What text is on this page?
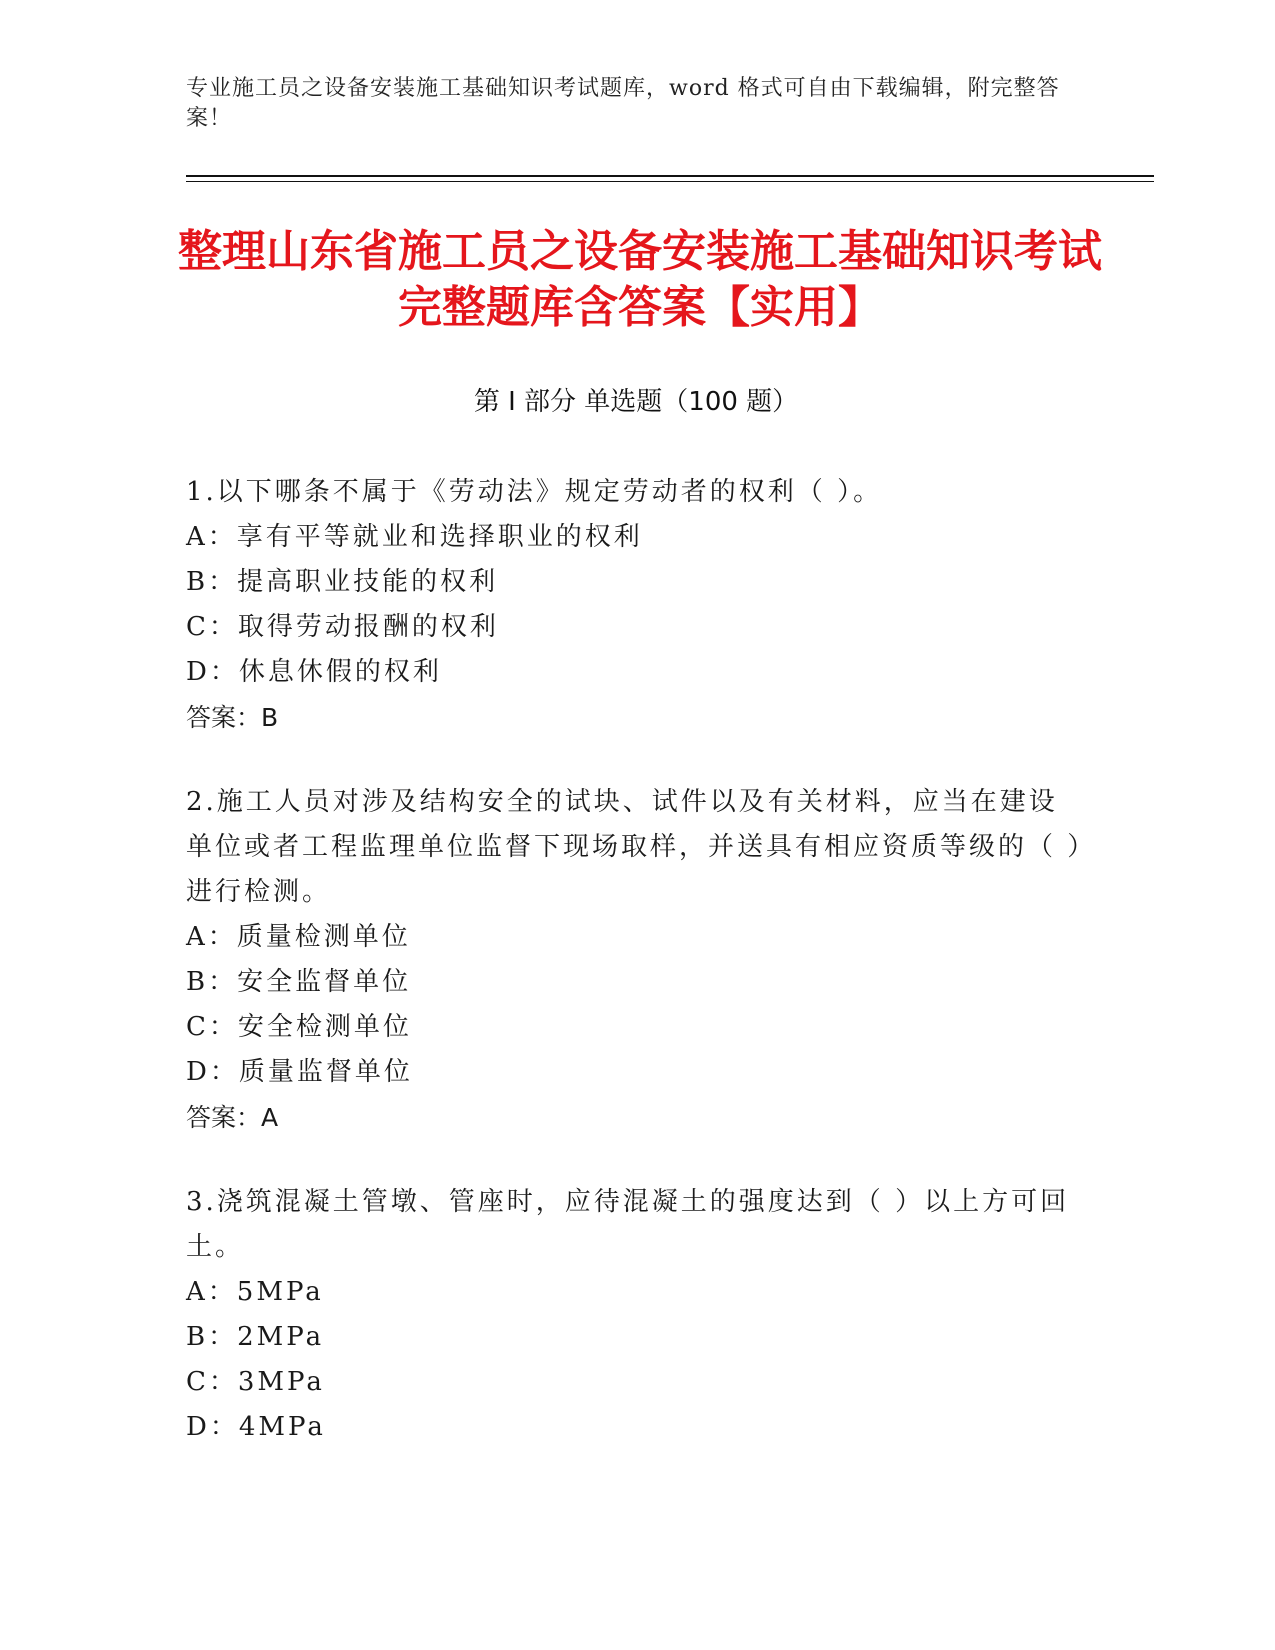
专业施工员之设备安装施工基础知识考试题库，word 格式可自由下载编辑，附完整答案！
整理山东省施工员之设备安装施工基础知识考试完整题库含答案【实用】
第 I 部分 单选题（100 题）

1.以下哪条不属于《劳动法》规定劳动者的权利（ ）。

A：享有平等就业和选择职业的权利

B：提高职业技能的权利

C：取得劳动报酬的权利

D：休息休假的权利

答案：B

2.施工人员对涉及结构安全的试块、试件以及有关材料，应当在建设单位或者工程监理单位监督下现场取样，并送具有相应资质等级的（ ）进行检测。

A：质量检测单位

B：安全监督单位

C：安全检测单位

D：质量监督单位

答案：A

3.浇筑混凝土管墩、管座时，应待混凝土的强度达到（ ）以上方可回土。

A：5MPa

B：2MPa

C：3MPa

D：4MPa
